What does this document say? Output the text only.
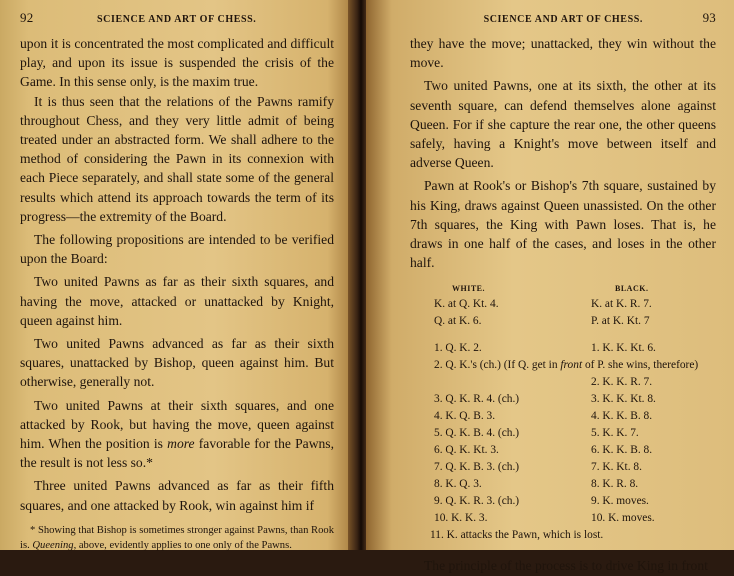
92	SCIENCE AND ART OF CHESS.

upon it is concentrated the most complicated and difficult play, and upon its issue is suspended the crisis of the Game. In this sense only, is the maxim true.

It is thus seen that the relations of the Pawns ramify throughout Chess, and they very little admit of being treated under an abstracted form. We shall adhere to the method of considering the Pawn in its connexion with each Piece separately, and shall state some of the general results which attend its approach towards the term of its progress—the extremity of the Board.

The following propositions are intended to be verified upon the Board:

Two united Pawns as far as their sixth squares, and having the move, attacked or unattacked by Knight, queen against him.

Two united Pawns advanced as far as their sixth squares, unattacked by Bishop, queen against him. But otherwise, generally not.

Two united Pawns at their sixth squares, and one attacked by Rook, but having the move, queen against him. When the position is more favorable for the Pawns, the result is not less so.*

Three united Pawns advanced as far as their fifth squares, and one attacked by Rook, win against him if

* Showing that Bishop is sometimes stronger against Pawns, than Rook is. Queening, above, evidently applies to one only of the Pawns.
SCIENCE AND ART OF CHESS.	93

they have the move; unattacked, they win without the move.

Two united Pawns, one at its sixth, the other at its seventh square, can defend themselves alone against Queen. For if she capture the rear one, the other queens safely, having a Knight's move between itself and adverse Queen.

Pawn at Rook's or Bishop's 7th square, sustained by his King, draws against Queen unassisted. On the other 7th squares, the King with Pawn loses. That is, he draws in one half of the cases, and loses in the other half.

WHITE.	BLACK.
K. at Q. Kt. 4.	K. at K. R. 7.
Q. at K. 6.	P. at K. Kt. 7
1. Q. K. 2.	1. K. K. Kt. 6.
2. Q. K.'s (ch.) (If Q. get in front of P. she wins, therefore)
2. K. K. R. 7.
3. Q. K. R. 4. (ch.)	3. K. K. Kt. 8.
4. K. Q. B. 3.	4. K. K. B. 8.
5. Q. K. B. 4. (ch.)	5. K. K. 7.
6. Q. K. Kt. 3.	6. K. K. B. 8.
7. Q. K. B. 3. (ch.)	7. K. Kt. 8.
8. K. Q. 3.	8. K. R. 8.
9. Q. K. R. 3. (ch.)	9. K. moves.
10. K. K. 3.	10. K. moves.
11. K. attacks the Pawn, which is lost.

The principle of the process is to drive King in front
